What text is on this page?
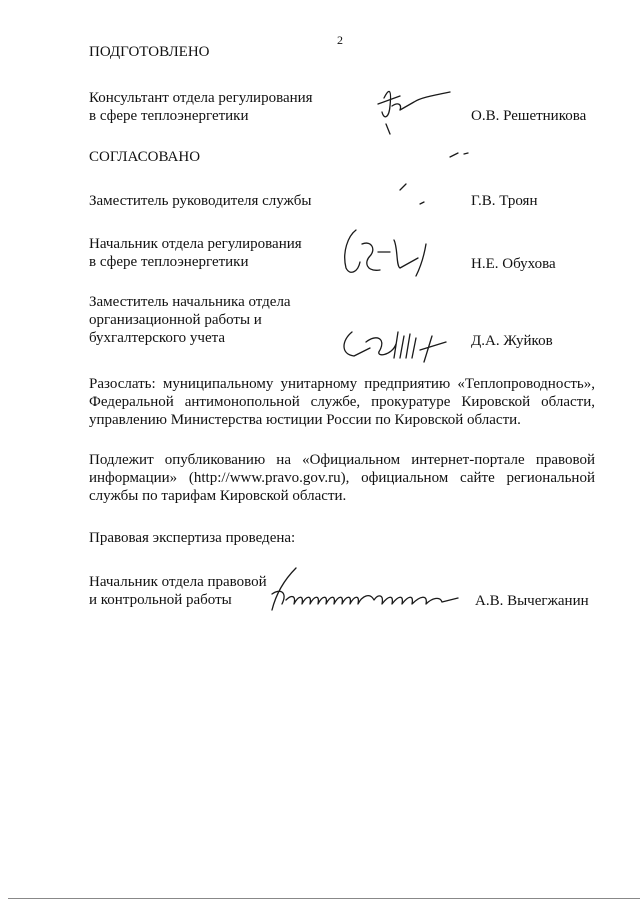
2
ПОДГОТОВЛЕНО
Консультант отдела регулирования
в сфере теплоэнергетики	О.В. Решетникова
СОГЛАСОВАНО
Заместитель руководителя службы	Г.В. Троян
Начальник отдела регулирования
в сфере теплоэнергетики	Н.Е. Обухова
Заместитель начальника отдела
организационной работы и
бухгалтерского учета	Д.А. Жуйков
Разослать: муниципальному унитарному предприятию «Теплопроводность», Федеральной антимонопольной службе, прокуратуре Кировской области, управлению Министерства юстиции России по Кировской области.
Подлежит опубликованию на «Официальном интернет-портале правовой информации» (http://www.pravo.gov.ru), официальном сайте региональной службы по тарифам Кировской области.
Правовая экспертиза проведена:
Начальник отдела правовой
и контрольной работы	А.В. Вычегжанин
